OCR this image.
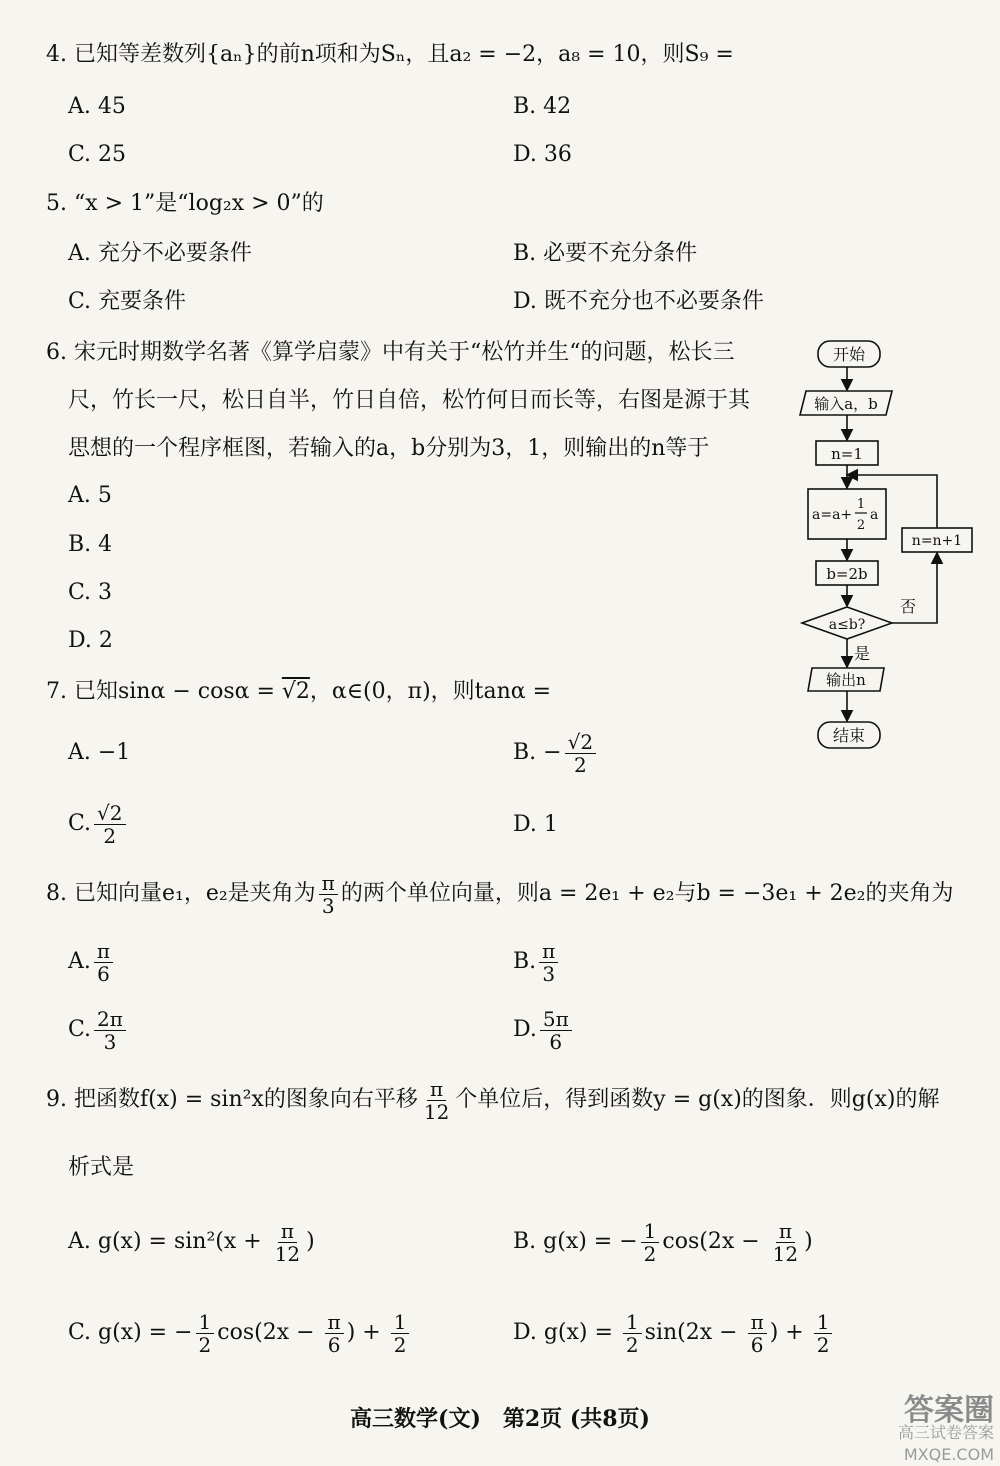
4. 已知等差数列{aₙ}的前n项和为Sₙ，且a₂ = −2，a₈ = 10，则S₉ =
A. 45	B. 42
C. 25	D. 36
5. “x > 1”是“log₂x > 0”的
A. 充分不必要条件	B. 必要不充分条件
C. 充要条件	D. 既不充分也不必要条件
6. 宋元时期数学名著《算学启蒙》中有关于“松竹并生“的问题，松长三
尺，竹长一尺，松日自半，竹日自倍，松竹何日而长等，右图是源于其
思想的一个程序框图，若输入的a，b分别为3，1，则输出的n等于
A. 5
B. 4
C. 3
D. 2
开始
输入a，b
n=1
a=a+
1
2
a
b=2b
a≤b?
否
是
n=n+1
输出n
结束
7. 已知sinα − cosα = √2，α∈(0，π)，则tanα =
A. −1	B. − $\frac{√2}{2}$
C. $\frac{√2}{2}$	D. 1
8. 已知向量e₁，e₂是夹角为 $\frac{\pi}{3}$ 的两个单位向量，则a = 2e₁ + e₂与b = −3e₁ + 2e₂的夹角为
A. $\frac{\pi}{6}$	B. $\frac{\pi}{3}$
C. $\frac{2\pi}{3}$	D. $\frac{5\pi}{6}$
9. 把函数f(x) = sin²x的图象向右平移 $\frac{\pi}{12}$ 个单位后，得到函数y = g(x)的图象．则g(x)的解
析式是
A. $g(x) = \sin^2(x + \frac{\pi}{12}$ )	B. g(x) = − $\frac{1}{2} \cos(2x - \frac{\pi}{12}$ )
C. g(x) = − $\frac{1}{2} \cos(2x - \frac{\pi}{6}$ ) + $\frac{1}{2}$	D. $g(x) = \frac{1}{2} \sin(2x - \frac{\pi}{6}$ ) + $\frac{1}{2}$
高三数学(文)　第2页 (共8页)	答案圈
高三试卷答案
MXQE.COM
